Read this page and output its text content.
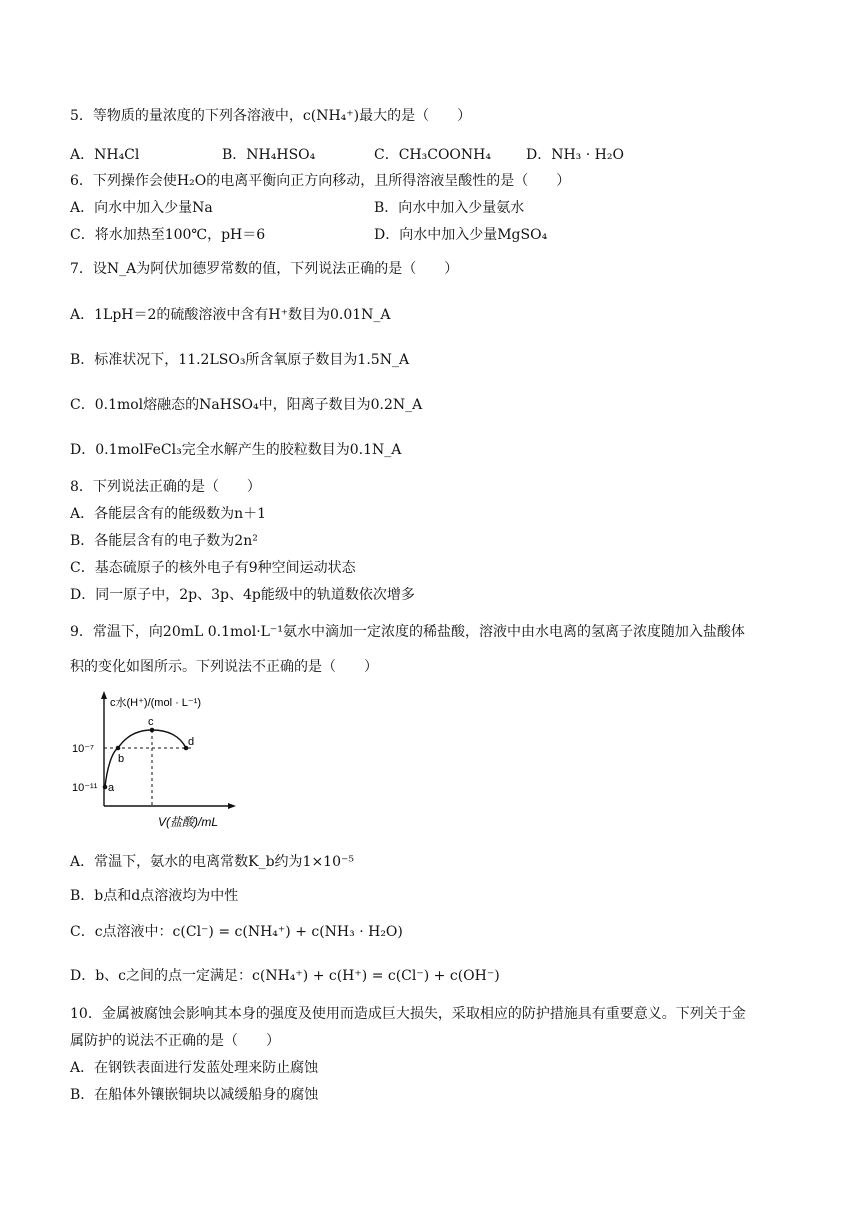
5．等物质的量浓度的下列各溶液中，c(NH₄⁺)最大的是（　　）
A．NH₄Cl	B．NH₄HSO₄	C．CH₃COONH₄	D．NH₃ · H₂O
6．下列操作会使H₂O的电离平衡向正方向移动，且所得溶液呈酸性的是（　　）
A．向水中加入少量Na	B．向水中加入少量氨水
C．将水加热至100℃，pH＝6	D．向水中加入少量MgSO₄
7．设N_A为阿伏加德罗常数的值，下列说法正确的是（　　）
A．1LpH＝2的硫酸溶液中含有H⁺数目为0.01N_A
B．标准状况下，11.2LSO₃所含氧原子数目为1.5N_A
C．0.1mol熔融态的NaHSO₄中，阳离子数目为0.2N_A
D．0.1molFeCl₃完全水解产生的胶粒数目为0.1N_A
8．下列说法正确的是（　　）
A．各能层含有的能级数为n＋1
B．各能层含有的电子数为2n²
C．基态硫原子的核外电子有9种空间运动状态
D．同一原子中，2p、3p、4p能级中的轨道数依次增多
9．常温下，向20mL 0.1mol·L⁻¹氨水中滴加一定浓度的稀盐酸，溶液中由水电离的氢离子浓度随加入盐酸体
积的变化如图所示。下列说法不正确的是（　　）
c水(H⁺)/(mol · L⁻¹)
10⁻⁷
10⁻¹¹ a
b
c
d
V(盐酸)/mL
A．常温下，氨水的电离常数K_b约为1×10⁻⁵
B．b点和d点溶液均为中性
C．c点溶液中：c(Cl⁻) = c(NH₄⁺) + c(NH₃ · H₂O)
D．b、c之间的点一定满足：c(NH₄⁺) + c(H⁺) = c(Cl⁻) + c(OH⁻)
10．金属被腐蚀会影响其本身的强度及使用而造成巨大损失，采取相应的防护措施具有重要意义。下列关于金
属防护的说法不正确的是（　　）
A．在钢铁表面进行发蓝处理来防止腐蚀
B．在船体外镶嵌铜块以减缓船身的腐蚀
